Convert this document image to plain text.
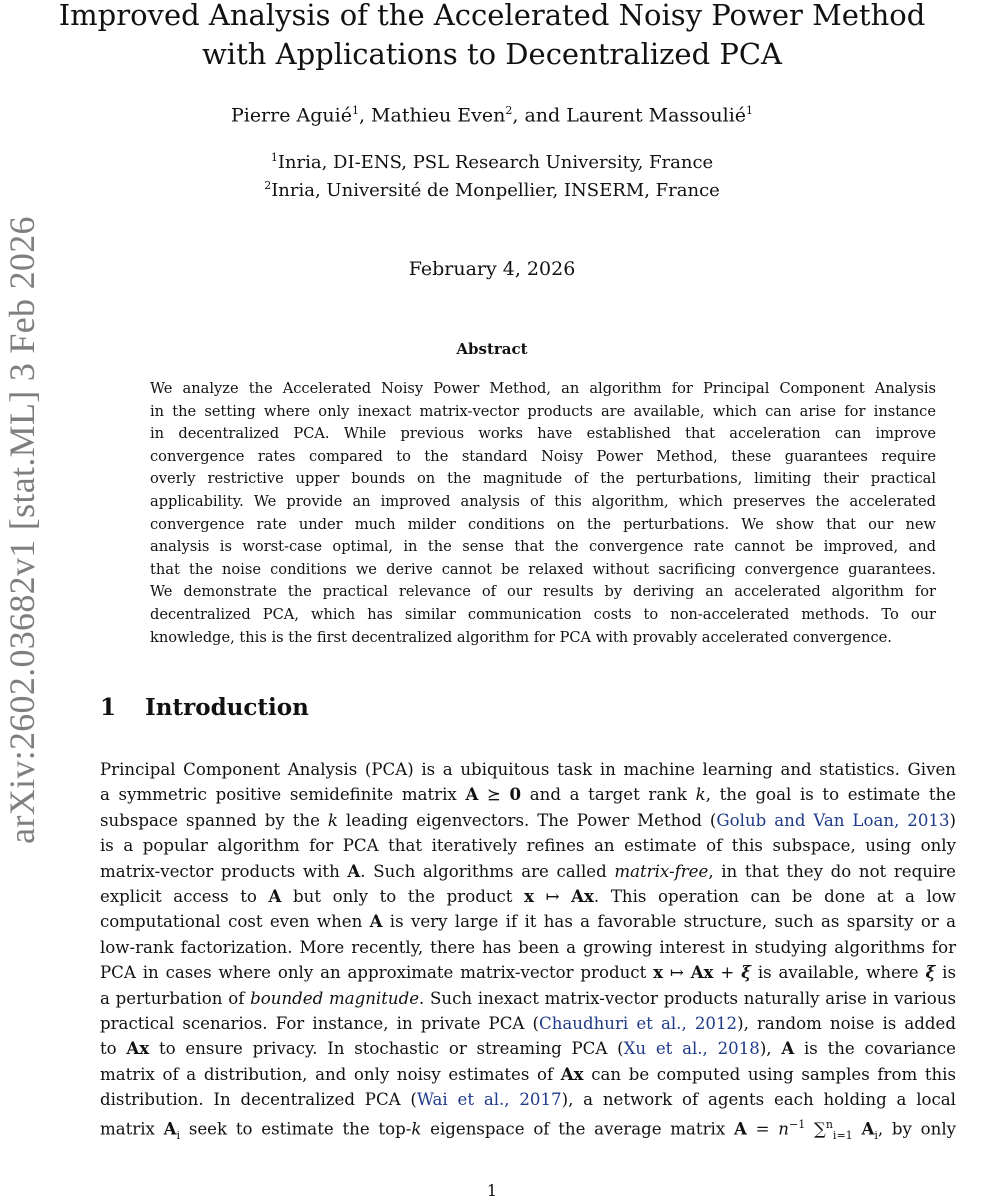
arXiv:2602.03682v1 [stat.ML] 3 Feb 2026
Improved Analysis of the Accelerated Noisy Power Method
with Applications to Decentralized PCA
Pierre Aguié$^1$, Mathieu Even$^2$, and Laurent Massoulié$^1$
$^1$Inria, DI-ENS, PSL Research University, France
$^2$Inria, Université de Monpellier, INSERM, France
February 4, 2026
Abstract
We analyze the Accelerated Noisy Power Method, an algorithm for Principal Component Analysis
in the setting where only inexact matrix-vector products are available, which can arise for instance
in decentralized PCA. While previous works have established that acceleration can improve
convergence rates compared to the standard Noisy Power Method, these guarantees require
overly restrictive upper bounds on the magnitude of the perturbations, limiting their practical
applicability. We provide an improved analysis of this algorithm, which preserves the accelerated
convergence rate under much milder conditions on the perturbations. We show that our new
analysis is worst-case optimal, in the sense that the convergence rate cannot be improved, and
that the noise conditions we derive cannot be relaxed without sacrificing convergence guarantees.
We demonstrate the practical relevance of our results by deriving an accelerated algorithm for
decentralized PCA, which has similar communication costs to non-accelerated methods. To our
knowledge, this is the first decentralized algorithm for PCA with provably accelerated convergence.
1 Introduction
Principal Component Analysis (PCA) is a ubiquitous task in machine learning and statistics. Given
a symmetric positive semidefinite matrix A ⪰ 0 and a target rank k, the goal is to estimate the
subspace spanned by the k leading eigenvectors. The Power Method (Golub and Van Loan, 2013)
is a popular algorithm for PCA that iteratively refines an estimate of this subspace, using only
matrix-vector products with A. Such algorithms are called matrix-free, in that they do not require
explicit access to A but only to the product x ↦ Ax. This operation can be done at a low
computational cost even when A is very large if it has a favorable structure, such as sparsity or a
low-rank factorization. More recently, there has been a growing interest in studying algorithms for
PCA in cases where only an approximate matrix-vector product x ↦ Ax + ξ is available, where ξ is
a perturbation of bounded magnitude. Such inexact matrix-vector products naturally arise in various
practical scenarios. For instance, in private PCA (Chaudhuri et al., 2012), random noise is added
to Ax to ensure privacy. In stochastic or streaming PCA (Xu et al., 2018), A is the covariance
matrix of a distribution, and only noisy estimates of Ax can be computed using samples from this
distribution. In decentralized PCA (Wai et al., 2017), a network of agents each holding a local
matrix $A_i$ seek to estimate the top-k eigenspace of the average matrix $A = n^{-1}$ ∑$^n_{i=1}$ $A_i$, by only
1
